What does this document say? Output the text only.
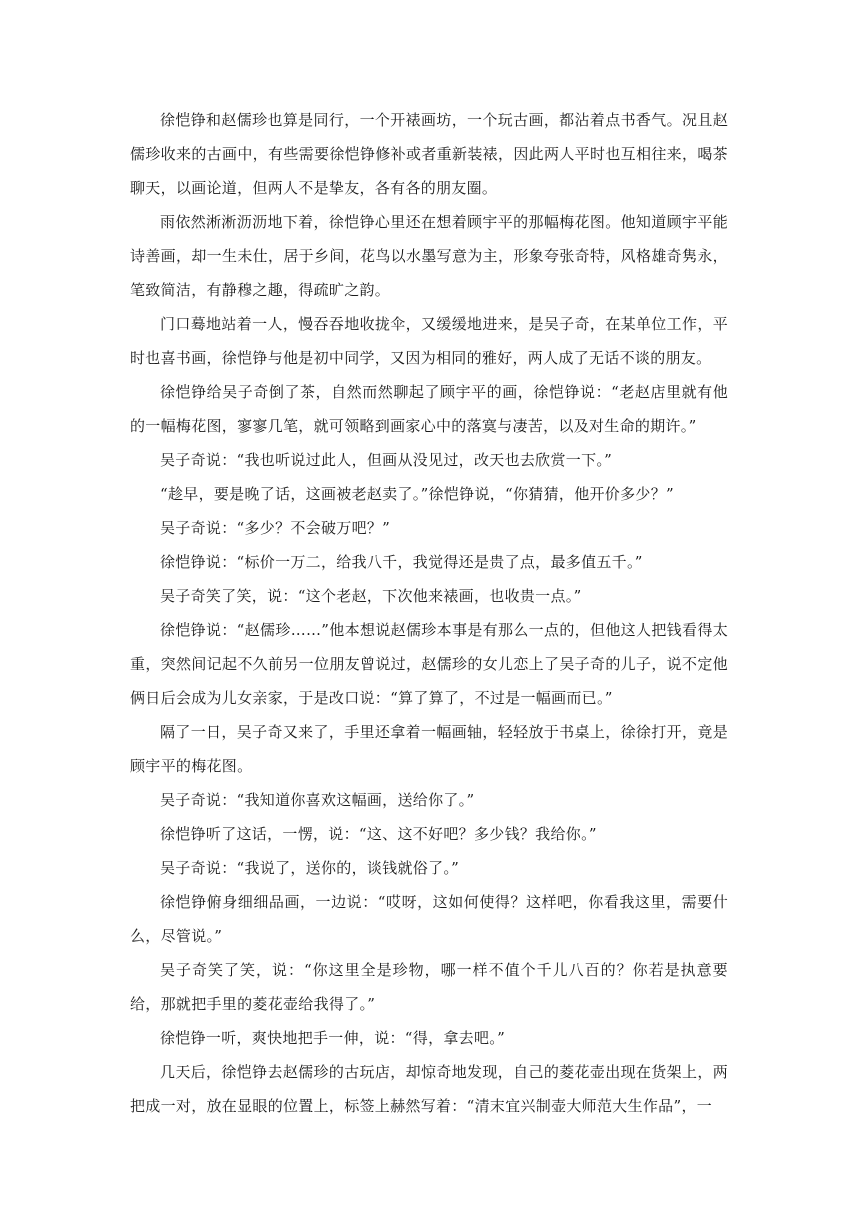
徐恺铮和赵儒珍也算是同行，一个开裱画坊，一个玩古画，都沾着点书香气。况且赵儒珍收来的古画中，有些需要徐恺铮修补或者重新装裱，因此两人平时也互相往来，喝茶聊天，以画论道，但两人不是挚友，各有各的朋友圈。

雨依然淅淅沥沥地下着，徐恺铮心里还在想着顾宇平的那幅梅花图。他知道顾宇平能诗善画，却一生未仕，居于乡间，花鸟以水墨写意为主，形象夸张奇特，风格雄奇隽永，笔致简洁，有静穆之趣，得疏旷之韵。

门口蓦地站着一人，慢吞吞地收拢伞，又缓缓地进来，是吴子奇，在某单位工作，平时也喜书画，徐恺铮与他是初中同学，又因为相同的雅好，两人成了无话不谈的朋友。

徐恺铮给吴子奇倒了茶，自然而然聊起了顾宇平的画，徐恺铮说：“老赵店里就有他的一幅梅花图，寥寥几笔，就可领略到画家心中的落寞与凄苦，以及对生命的期许。”

吴子奇说：“我也听说过此人，但画从没见过，改天也去欣赏一下。”

“趁早，要是晚了话，这画被老赵卖了。”徐恺铮说，“你猜猜，他开价多少？”

吴子奇说：“多少？不会破万吧？”

徐恺铮说：“标价一万二，给我八千，我觉得还是贵了点，最多值五千。”

吴子奇笑了笑，说：“这个老赵，下次他来裱画，也收贵一点。”

徐恺铮说：“赵儒珍……”他本想说赵儒珍本事是有那么一点的，但他这人把钱看得太重，突然间记起不久前另一位朋友曾说过，赵儒珍的女儿恋上了吴子奇的儿子，说不定他俩日后会成为儿女亲家，于是改口说：“算了算了，不过是一幅画而已。”

隔了一日，吴子奇又来了，手里还拿着一幅画轴，轻轻放于书桌上，徐徐打开，竟是顾宇平的梅花图。

吴子奇说：“我知道你喜欢这幅画，送给你了。”

徐恺铮听了这话，一愣，说：“这、这不好吧？多少钱？我给你。”

吴子奇说：“我说了，送你的，谈钱就俗了。”

徐恺铮俯身细细品画，一边说：“哎呀，这如何使得？这样吧，你看我这里，需要什么，尽管说。”

吴子奇笑了笑，说：“你这里全是珍物，哪一样不值个千儿八百的？你若是执意要给，那就把手里的菱花壶给我得了。”

徐恺铮一听，爽快地把手一伸，说：“得，拿去吧。”

几天后，徐恺铮去赵儒珍的古玩店，却惊奇地发现，自己的菱花壶出现在货架上，两把成一对，放在显眼的位置上，标签上赫然写着：“清末宜兴制壶大师范大生作品”，一
